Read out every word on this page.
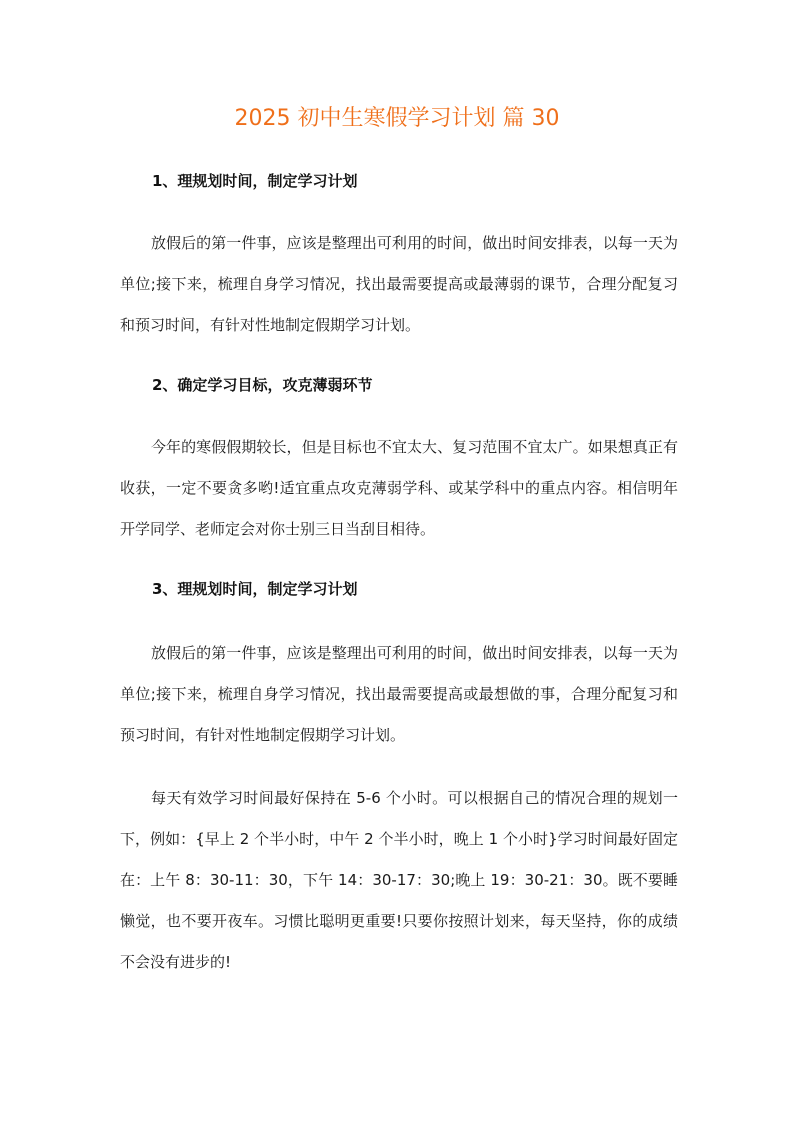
2025 初中生寒假学习计划 篇 30
1、理规划时间，制定学习计划

放假后的第一件事，应该是整理出可利用的时间，做出时间安排表，以每一天为单位;接下来，梳理自身学习情况，找出最需要提高或最薄弱的课节，合理分配复习和预习时间，有针对性地制定假期学习计划。

2、确定学习目标，攻克薄弱环节

今年的寒假假期较长，但是目标也不宜太大、复习范围不宜太广。如果想真正有收获，一定不要贪多哟!适宜重点攻克薄弱学科、或某学科中的重点内容。相信明年开学同学、老师定会对你士别三日当刮目相待。

3、理规划时间，制定学习计划

放假后的第一件事，应该是整理出可利用的时间，做出时间安排表，以每一天为单位;接下来，梳理自身学习情况，找出最需要提高或最想做的事，合理分配复习和预习时间，有针对性地制定假期学习计划。

每天有效学习时间最好保持在 5-6 个小时。可以根据自己的情况合理的规划一下，例如：{早上 2 个半小时，中午 2 个半小时，晚上 1 个小时}学习时间最好固定在：上午 8：30-11：30，下午 14：30-17：30;晚上 19：30-21：30。既不要睡懒觉，也不要开夜车。习惯比聪明更重要!只要你按照计划来，每天坚持，你的成绩不会没有进步的!
